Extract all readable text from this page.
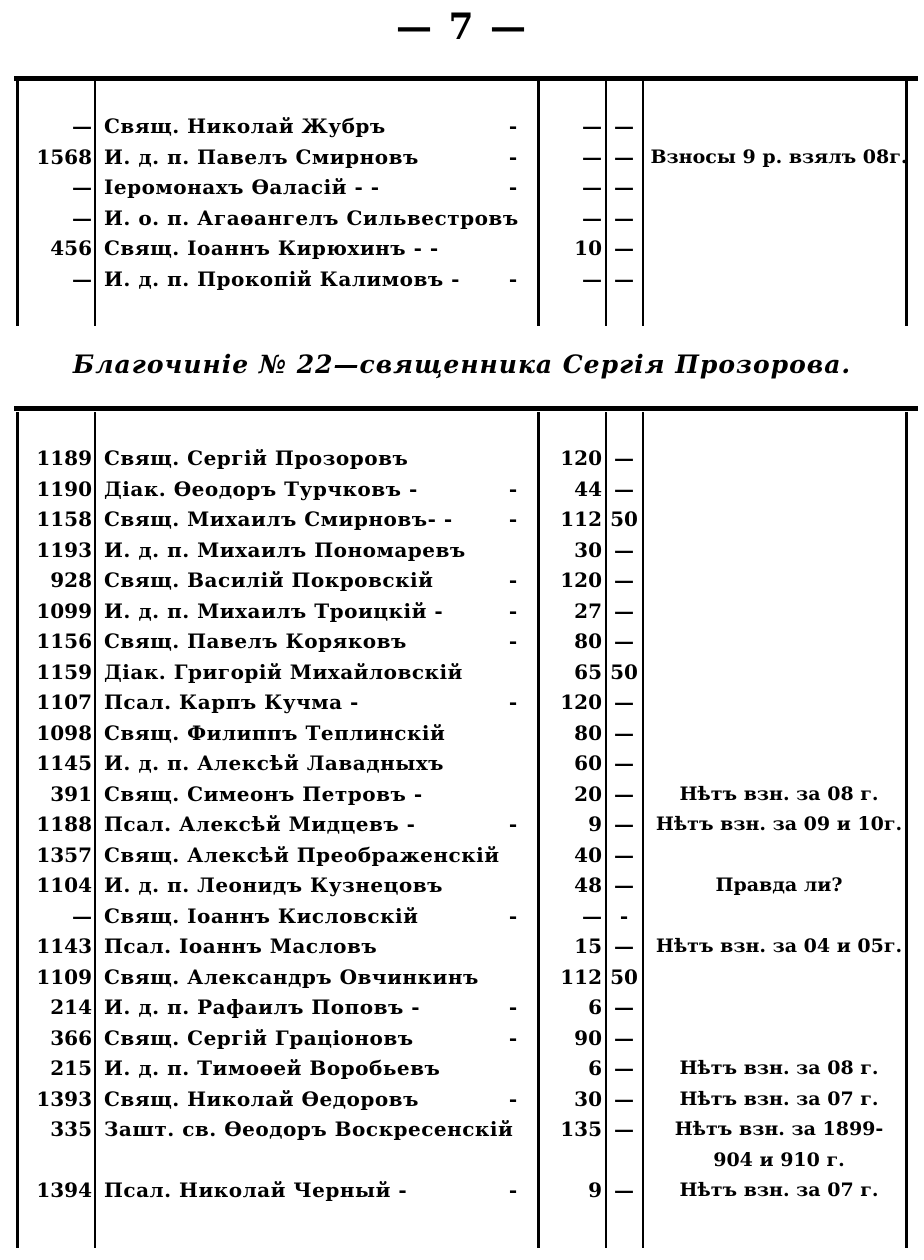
— 7 —
— Свящ. Николай Жубръ	-	— —
1568 И. д. п. Павелъ Смирновъ	-	— — Взносы 9 р. взялъ 08г.
— Іеромонахъ Өаласій - -	-	— —
— И. о. п. Агаөангелъ Сильвестровъ	— —
456 Свящ. Іоаннъ Кирюхинъ - -	10 —
— И. д. п. Прокопій Калимовъ -	-	— —
Благочиніе № 22—священника Сергія Прозорова.
1189 Свящ. Сергій Прозоровъ	120 —
1190 Діак. Өеодоръ Турчковъ -	-	44 —
1158 Свящ. Михаилъ Смирновъ- -	-	112 50
1193 И. д. п. Михаилъ Пономаревъ	30 —
928 Свящ. Василій Покровскій	-	120 —
1099 И. д. п. Михаилъ Троицкій -	-	27 —
1156 Свящ. Павелъ Коряковъ	-	80 —
1159 Діак. Григорій Михайловскій	65 50
1107 Псал. Карпъ Кучма -	-	120 —
1098 Свящ. Филиппъ Теплинскій	80 —
1145 И. д. п. Алексѣй Лавадныхъ	60 —
391 Свящ. Симеонъ Петровъ -	20 —	Нѣтъ взн. за 08 г.
1188 Псал. Алексѣй Мидцевъ -	-	9 —	Нѣтъ взн. за 09 и 10г.
1357 Свящ. Алексѣй Преображенскій	40 —
1104 И. д. п. Леонидъ Кузнецовъ	48 —	Правда ли?
— Свящ. Іоаннъ Кисловскій	-	— -
1143 Псал. Іоаннъ Масловъ	15 —	Нѣтъ взн. за 04 и 05г.
1109 Свящ. Александръ Овчинкинъ	112 50
214 И. д. п. Рафаилъ Поповъ -	-	6 —
366 Свящ. Сергій Граціоновъ	-	90 —
215 И. д. п. Тимоөей Воробьевъ	6 —	Нѣтъ взн. за 08 г.
1393 Свящ. Николай Өедоровъ	-	30 —	Нѣтъ взн. за 07 г.
335 Зашт. св. Өеодоръ Воскресенскій	135 —	Нѣтъ взн. за 1899-
904 и 910 г.
1394 Псал. Николай Черный -	-	9 —	Нѣтъ взн. за 07 г.
